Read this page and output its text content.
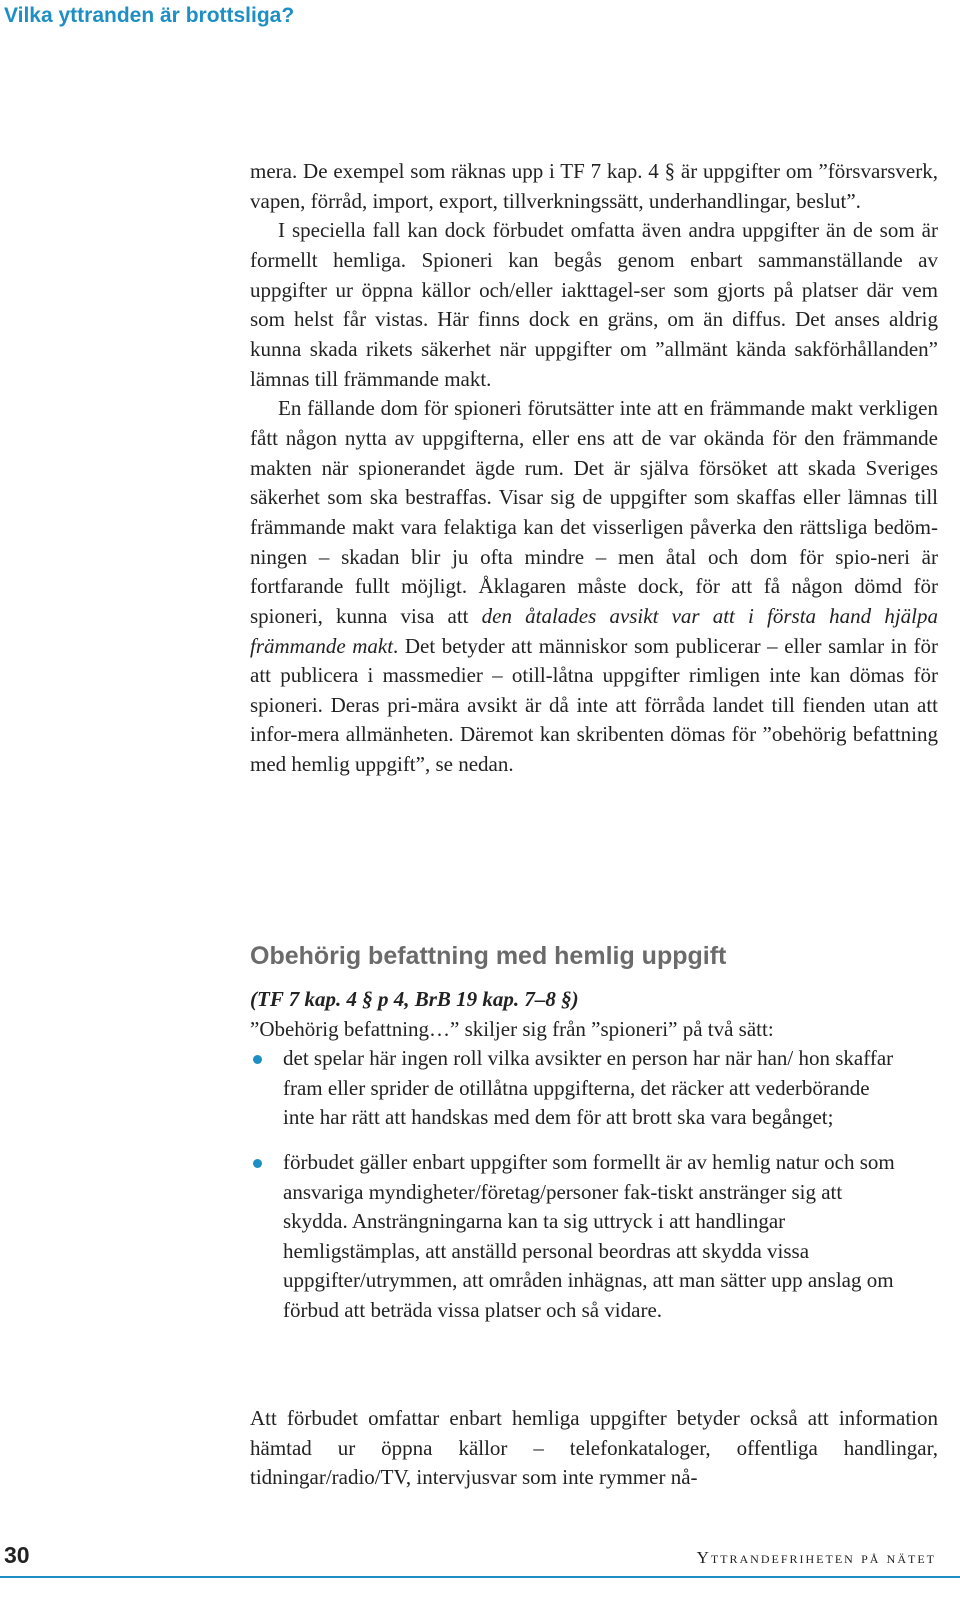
Vilka yttranden är brottsliga?

mera. De exempel som räknas upp i TF 7 kap. 4 § är uppgifter om ”försvarsverk, vapen, förråd, import, export, tillverkningssätt, underhandlingar, beslut”.

I speciella fall kan dock förbudet omfatta även andra uppgifter än de som är formellt hemliga. Spioneri kan begås genom enbart sammanställande av uppgifter ur öppna källor och/eller iakttagel-ser som gjorts på platser där vem som helst får vistas. Här finns dock en gräns, om än diffus. Det anses aldrig kunna skada rikets säkerhet när uppgifter om ”allmänt kända sakförhållanden” lämnas till främmande makt.

En fällande dom för spioneri förutsätter inte att en främmande makt verkligen fått någon nytta av uppgifterna, eller ens att de var okända för den främmande makten när spionerandet ägde rum. Det är själva försöket att skada Sveriges säkerhet som ska bestraffas. Visar sig de uppgifter som skaffas eller lämnas till främmande makt vara felaktiga kan det visserligen påverka den rättsliga bedöm-ningen – skadan blir ju ofta mindre – men åtal och dom för spio-neri är fortfarande fullt möjligt. Åklagaren måste dock, för att få någon dömd för spioneri, kunna visa att den åtalades avsikt var att i första hand hjälpa främmande makt. Det betyder att människor som publicerar – eller samlar in för att publicera i massmedier – otill-låtna uppgifter rimligen inte kan dömas för spioneri. Deras pri-mära avsikt är då inte att förråda landet till fienden utan att infor-mera allmänheten. Däremot kan skribenten dömas för ”obehörig befattning med hemlig uppgift”, se nedan.

Obehörig befattning med hemlig uppgift

(TF 7 kap. 4 § p 4, BrB 19 kap. 7–8 §)

”Obehörig befattning…” skiljer sig från ”spioneri” på två sätt:

det spelar här ingen roll vilka avsikter en person har när han/ hon skaffar fram eller sprider de otillåtna uppgifterna, det räcker att vederbörande inte har rätt att handskas med dem för att brott ska vara begånget;
förbudet gäller enbart uppgifter som formellt är av hemlig natur och som ansvariga myndigheter/företag/personer fak-tiskt anstränger sig att skydda. Ansträngningarna kan ta sig uttryck i att handlingar hemligstämplas, att anställd personal beordras att skydda vissa uppgifter/utrymmen, att områden inhägnas, att man sätter upp anslag om förbud att beträda vissa platser och så vidare.

Att förbudet omfattar enbart hemliga uppgifter betyder också att information hämtad ur öppna källor – telefonkataloger, offentliga handlingar, tidningar/radio/TV, intervjusvar som inte rymmer nå-

30	Yttrandefriheten på nätet
